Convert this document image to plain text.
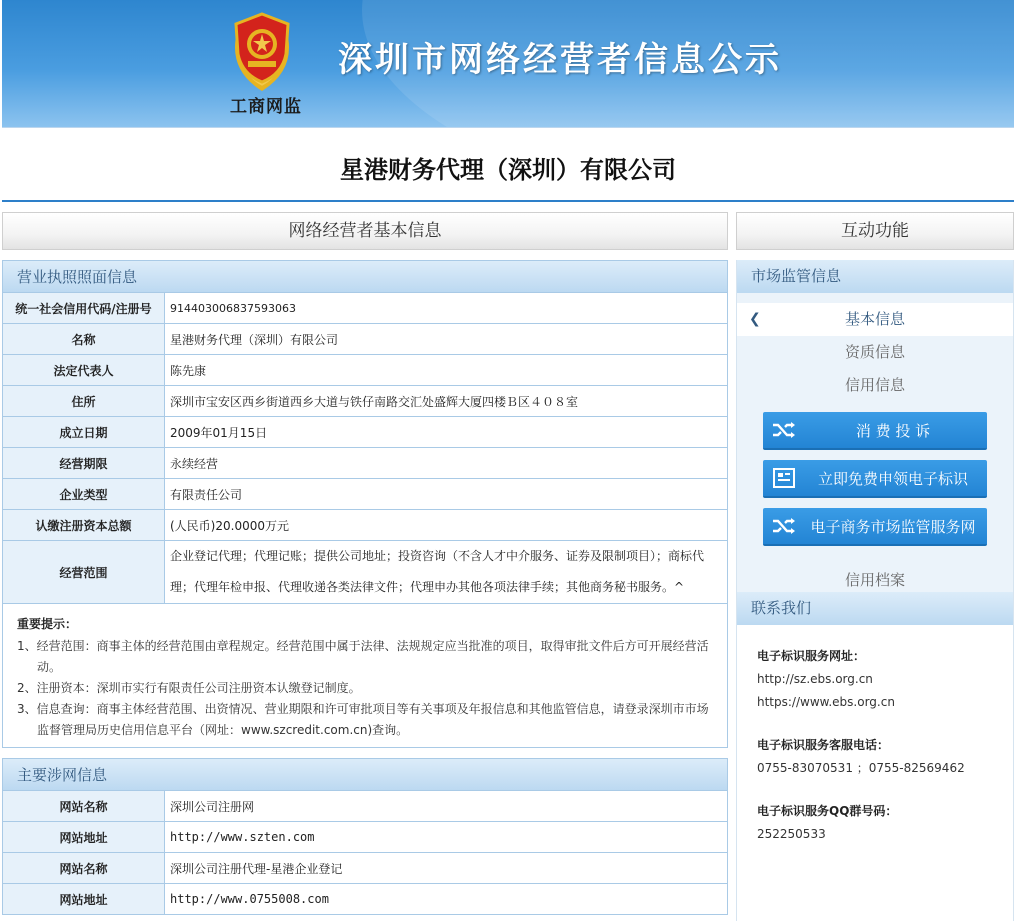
工商网监
深圳市网络经营者信息公示
星港财务代理（深圳）有限公司
网络经营者基本信息
营业执照照面信息
统一社会信用代码/注册号	914403006837593063
名称	星港财务代理（深圳）有限公司
法定代表人	陈先康
住所	深圳市宝安区西乡街道西乡大道与铁仔南路交汇处盛辉大厦四楼Ｂ区４０８室
成立日期	2009年01月15日
经营期限	永续经营
企业类型	有限责任公司
认缴注册资本总额	(人民币)20.0000万元
经营范围	企业登记代理；代理记账；提供公司地址；投资咨询（不含人才中介服务、证券及限制项目）；商标代理；代理年检申报、代理收递各类法律文件；代理申办其他各项法律手续；其他商务秘书服务。^
重要提示：
1、经营范围：商事主体的经营范围由章程规定。经营范围中属于法律、法规规定应当批准的项目，取得审批文件后方可开展经营活动。
2、注册资本：深圳市实行有限责任公司注册资本认缴登记制度。
3、信息查询：商事主体经营范围、出资情况、营业期限和许可审批项目等有关事项及年报信息和其他监管信息，请登录深圳市市场监督管理局历史信用信息平台（网址：www.szcredit.com.cn)查询。
主要涉网信息
网站名称	深圳公司注册网
网站地址	http://www.szten.com
网站名称	深圳公司注册代理-星港企业登记
网站地址	http://www.0755008.com
互动功能
市场监管信息
❮	基本信息
资质信息
信用信息
消 费 投 诉
立即免费申领电子标识
电子商务市场监管服务网
信用档案
联系我们
电子标识服务网址：
http://sz.ebs.org.cn
https://www.ebs.org.cn
电子标识服务客服电话：
0755-83070531 ；0755-82569462
电子标识服务QQ群号码：
252250533
